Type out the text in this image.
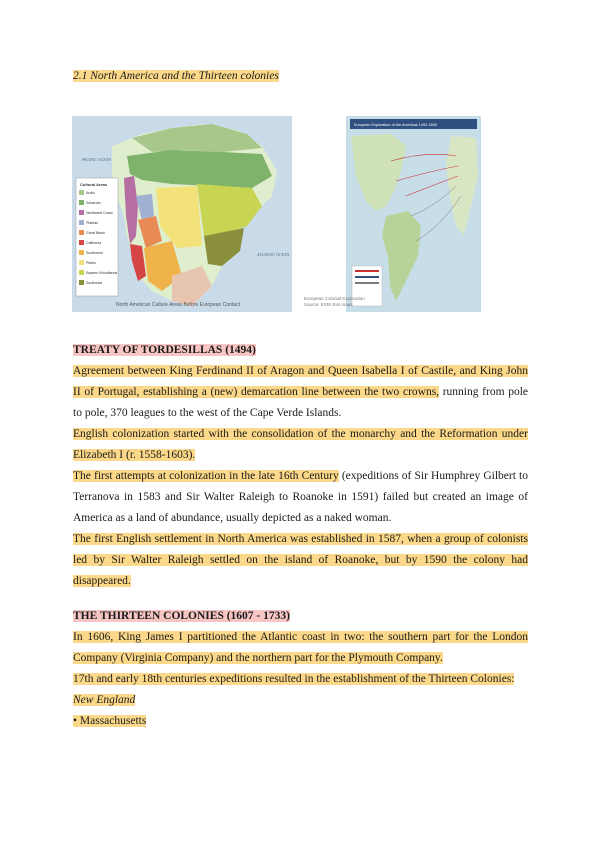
2.1 North America and the Thirteen colonies
Cultural Areas
Arctic
Subarctic
Northwest Coast
Plateau
Great Basin
California
Southwest
Plains
Eastern Woodlands
Southeast
PACIFIC OCEAN
ATLANTIC OCEAN
European Exploration of the Americas 1492-1600
North American Culture Areas Before European Contact
European Colonial Exploration
Source: ESRI Esri maps
TREATY OF TORDESILLAS (1494)
Agreement between King Ferdinand II of Aragon and Queen Isabella I of Castile, and King John II of Portugal, establishing a (new) demarcation line between the two crowns, running from pole to pole, 370 leagues to the west of the Cape Verde Islands.
English colonization started with the consolidation of the monarchy and the Reformation under Elizabeth I (r. 1558-1603).
The first attempts at colonization in the late 16th Century (expeditions of Sir Humphrey Gilbert to Terranova in 1583 and Sir Walter Raleigh to Roanoke in 1591) failed but created an image of America as a land of abundance, usually depicted as a naked woman.
The first English settlement in North America was established in 1587, when a group of colonists led by Sir Walter Raleigh settled on the island of Roanoke, but by 1590 the colony had disappeared.
THE THIRTEEN COLONIES (1607 - 1733)
In 1606, King James I partitioned the Atlantic coast in two: the southern part for the London Company (Virginia Company) and the northern part for the Plymouth Company.
17th and early 18th centuries expeditions resulted in the establishment of the Thirteen Colonies:
New England
• Massachusetts
